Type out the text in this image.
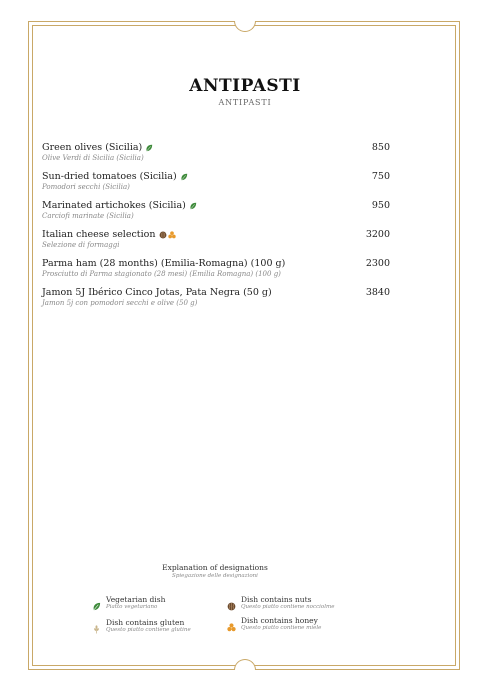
ANTIPASTI
ANTIPASTI
Green olives (Sicilia)
Olive Verdi di Sicilia (Sicilia)
850
Sun-dried tomatoes (Sicilia)
Pomodori secchi (Sicilia)
750
Marinated artichokes (Sicilia)
Carciofi marinate (Sicilia)
950
Italian cheese selection
Selezione di formaggi
3200
Parma ham (28 months) (Emilia-Romagna) (100 g)
Prosciutto di Parma stagionato (28 mesi) (Emilia Romagna) (100 g)
2300
Jamon 5J Ibérico Cinco Jotas, Pata Negra (50 g)
Jamon 5j con pomodori secchi e olive (50 g)
3840
Explanation of designations
Spiegazione delle designazioni
Vegetarian dish
Piatto vegetariano
Dish contains nuts
Questo piatto contiene nocciolme
Dish contains gluten
Questo piatto contiene glutine
Dish contains honey
Questo piatto contiene miele
